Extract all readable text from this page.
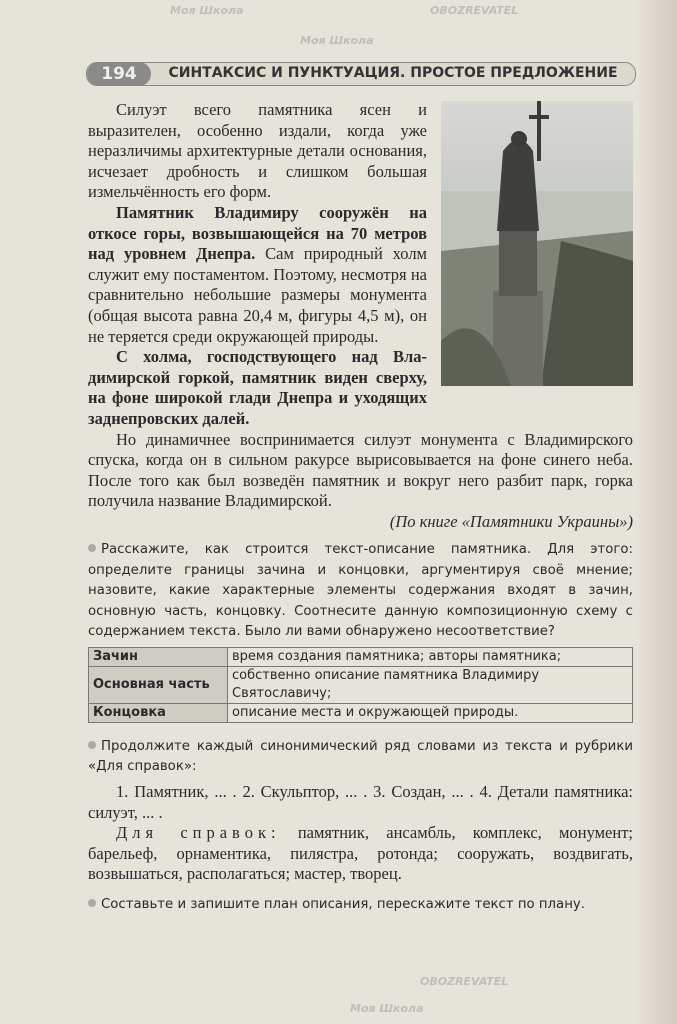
194	СИНТАКСИС И ПУНКТУАЦИЯ. ПРОСТОЕ ПРЕДЛОЖЕНИЕ

Силуэт всего памятника ясен и выразителен, особенно издали, когда уже неразличимы архитектурные детали основания, исчезает дробность и слишком большая измельчённость его форм.

Памятник Владимиру сооружён на откосе горы, возвышающейся на 70 метров над уровнем Днепра. Сам природный холм служит ему постаментом. Поэтому, несмотря на сравнительно небольшие размеры монумента (общая высота равна 20,4 м, фигуры 4,5 м), он не теряется среди окружающей природы.

С холма, господствующего над Вла-димирской горкой, памятник виден сверху, на фоне широкой глади Днепра и уходящих заднепровских далей.

Но динамичнее воспринимается силуэт монумента с Владимирского спуска, когда он в сильном ракурсе вырисовывается на фоне синего неба. После того как был возведён памятник и вокруг него разбит парк, горка получила название Владимирской.

(По книге «Памятники Украины»)

Расскажите, как строится текст-описание памятника. Для этого: определите границы зачина и концовки, аргументируя своё мнение; назовите, какие характерные элементы содержания входят в зачин, основную часть, концовку. Соотнесите данную композиционную схему с содержанием текста. Было ли вами обнаружено несоответствие?
Зачин	время создания памятника; авторы памятника;
Основная часть	собственно описание памятника Владимиру Святославичу;
Концовка	описание места и окружающей природы.
Продолжите каждый синонимический ряд словами из текста и рубрики «Для справок»:

1. Памятник, ... . 2. Скульптор, ... . 3. Создан, ... . 4. Детали памятника: силуэт, ... .

Для справок: памятник, ансамбль, комплекс, монумент; барельеф, орнаментика, пилястра, ротонда; сооружать, воздвигать, возвышаться, располагаться; мастер, творец.

Составьте и запишите план описания, перескажите текст по плану.
Моя Школа	OBOZREVATEL
Моя Школа
OBOZREVATEL
Моя Школа
